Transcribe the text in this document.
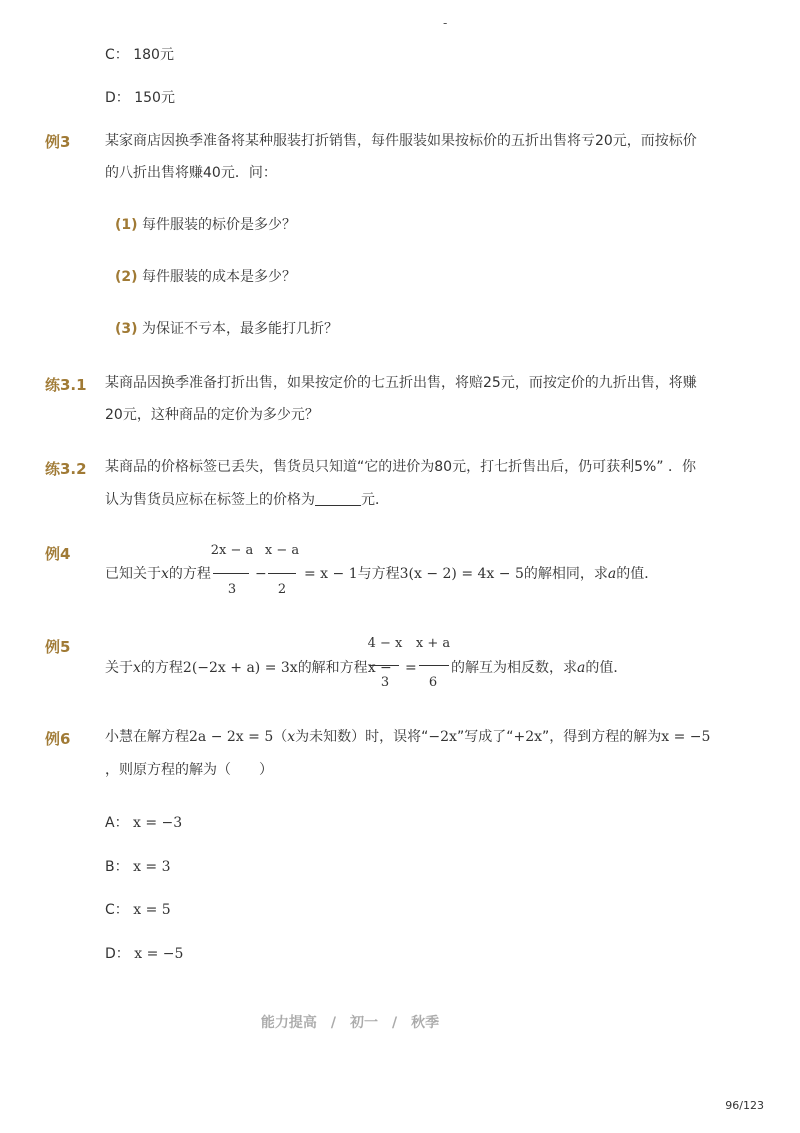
-
C： 180元
D： 150元
例3 某家商店因换季准备将某种服装打折销售，每件服装如果按标价的五折出售将亏20元，而按标价
的八折出售将赚40元．问：
(1) 每件服装的标价是多少？
(2) 每件服装的成本是多少？
(3) 为保证不亏本，最多能打几折？
练3.1 某商品因换季准备打折出售，如果按定价的七五折出售，将赔25元，而按定价的九折出售，将赚
20元，这种商品的定价为多少元？
练3.2 某商品的价格标签已丢失，售货员只知道“它的进价为80元，打七折售出后，仍可获利5%” ．你
认为售货员应标在标签上的价格为	元．
例4	2x − a
3
x − a
2
已知关于x的方程	−	= x − 1与方程3(x − 2) = 4x − 5的解相同，求a的值．
例5	4 − x
3
x + a
6
关于x的方程2(−2x + a) = 3x的解和方程x − = 的解互为相反数，求a的值．
例6 小慧在解方程2a − 2x = 5（x为未知数）时，误将“−2x”写成了“+2x”，得到方程的解为x = −5
，则原方程的解为（　　）
A： x = −3
B： x = 3
C： x = 5
D： x = −5
能力提高　/　初一　/　秋季
96/123
